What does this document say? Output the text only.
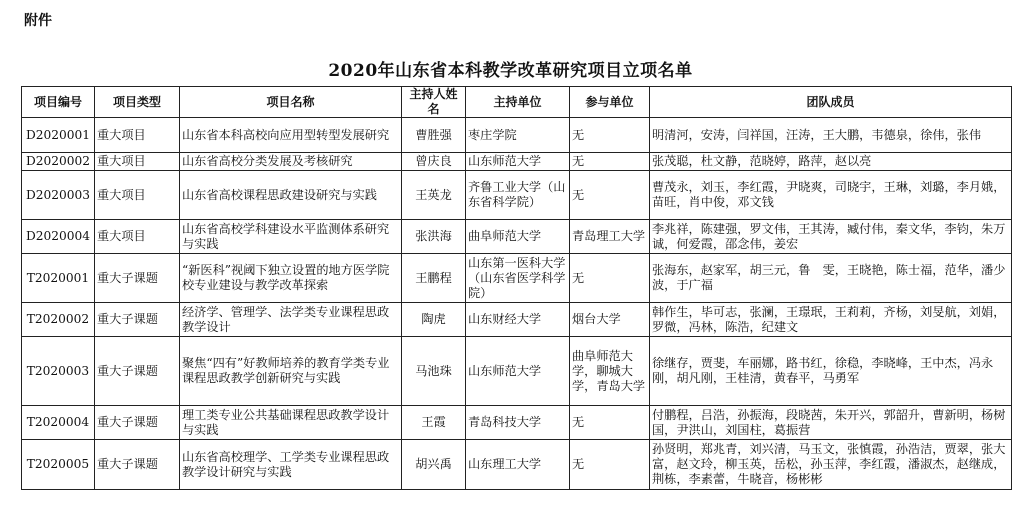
附件
2020年山东省本科教学改革研究项目立项名单
项目编号	项目类型	项目名称	主持人姓名	主持单位	参与单位	团队成员
D2020001	重大项目	山东省本科高校向应用型转型发展研究	曹胜强	枣庄学院	无	明清河，安涛，闫祥国，汪涛，王大鹏，韦德泉，徐伟，张伟
D2020002	重大项目	山东省高校分类发展及考核研究	曾庆良	山东师范大学	无	张茂聪，杜文静，范晓婷，路萍，赵以亮
D2020003	重大项目	山东省高校课程思政建设研究与实践	王英龙	齐鲁工业大学（山东省科学院）	无	曹茂永，刘玉，李红霞，尹晓爽，司晓宇，王琳，刘璐，李月娥，苗旺，肖中俊，邓文钱
D2020004	重大项目	山东省高校学科建设水平监测体系研究与实践	张洪海	曲阜师范大学	青岛理工大学	李兆祥，陈建强，罗文伟，王其涛，臧付伟，秦文华，李钧，朱万诚，何爱霞，邵念伟，姜宏
T2020001	重大子课题	“新医科”视阈下独立设置的地方医学院校专业建设与教学改革探索	王鹏程	山东第一医科大学（山东省医学科学院）	无	张海东，赵家军，胡三元，鲁　雯，王晓艳，陈士福，范华，潘少波，于广福
T2020002	重大子课题	经济学、管理学、法学类专业课程思政教学设计	陶虎	山东财经大学	烟台大学	韩作生，毕可志，张澜，王璟珉，王莉莉，齐杨，刘旻航，刘娟，罗微，冯林，陈浩，纪建文
T2020003	重大子课题	聚焦“四有”好教师培养的教育学类专业课程思政教学创新研究与实践	马池珠	山东师范大学	曲阜师范大学，聊城大学，青岛大学	徐继存，贾斐，车丽娜，路书红，徐稳，李晓峰，王中杰，冯永刚，胡凡刚，王桂清，黄春平，马勇军
T2020004	重大子课题	理工类专业公共基础课程思政教学设计与实践	王霞	青岛科技大学	无	付鹏程，吕浩，孙振海，段晓茜，朱开兴，郭韶升，曹新明，杨树国，尹洪山，刘国柱，葛振营
T2020005	重大子课题	山东省高校理学、工学类专业课程思政教学设计研究与实践	胡兴禹	山东理工大学	无	孙贤明，郑兆青，刘兴清，马玉文，张慎霞，孙浩洁，贾翠，张大富，赵文玲，柳玉英，岳松，孙玉萍，李红霞，潘淑杰，赵继成，荆栋，李素蕾，牛晓音，杨彬彬
